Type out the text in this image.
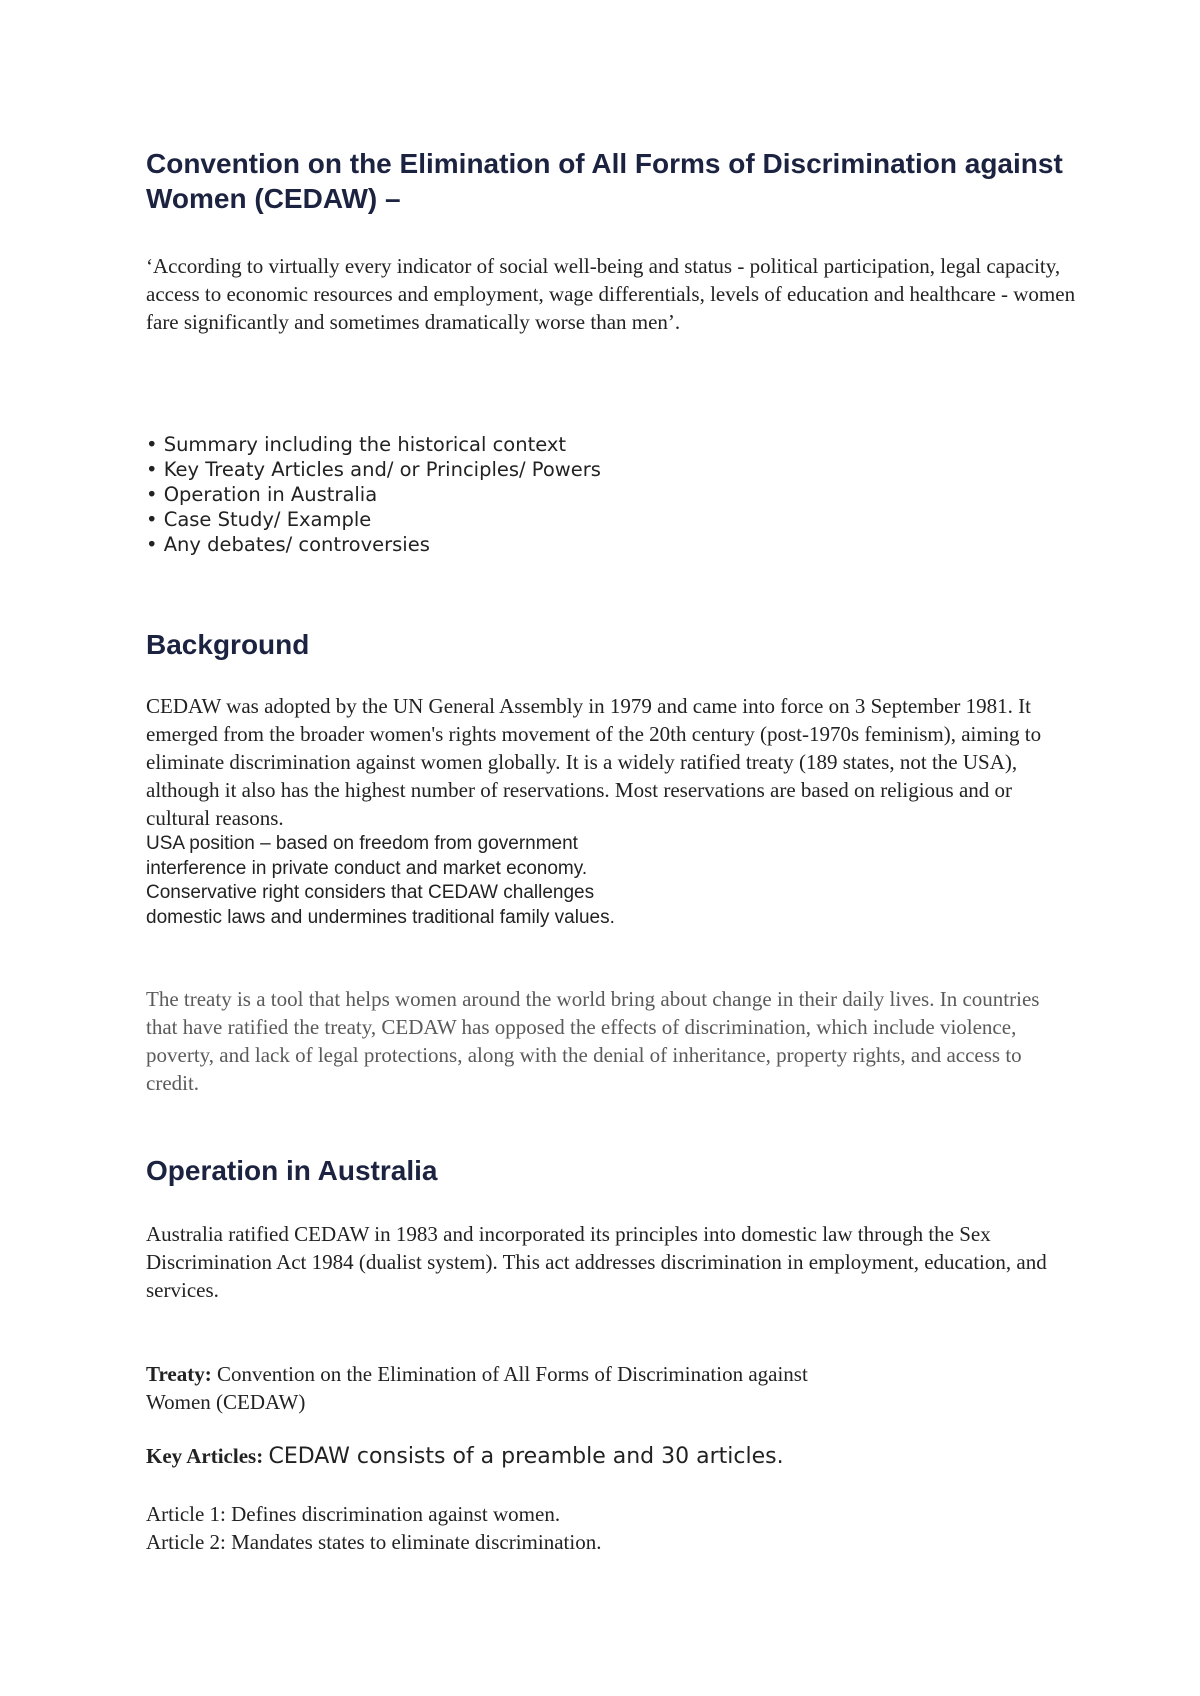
Convention on the Elimination of All Forms of Discrimination against Women (CEDAW) –

‘According to virtually every indicator of social well-being and status - political participation, legal capacity, access to economic resources and employment, wage differentials, levels of education and healthcare - women fare significantly and sometimes dramatically worse than men’.

• Summary including the historical context
• Key Treaty Articles and/ or Principles/ Powers
• Operation in Australia
• Case Study/ Example
• Any debates/ controversies
Background

CEDAW was adopted by the UN General Assembly in 1979 and came into force on 3 September 1981. It emerged from the broader women's rights movement of the 20th century (post-1970s feminism), aiming to eliminate discrimination against women globally. It is a widely ratified treaty (189 states, not the USA), although it also has the highest number of reservations. Most reservations are based on religious and or cultural reasons.

USA position – based on freedom from government
interference in private conduct and market economy.
Conservative right considers that CEDAW challenges
domestic laws and undermines traditional family values.

The treaty is a tool that helps women around the world bring about change in their daily lives. In countries that have ratified the treaty, CEDAW has opposed the effects of discrimination, which include violence, poverty, and lack of legal protections, along with the denial of inheritance, property rights, and access to credit.

Operation in Australia

Australia ratified CEDAW in 1983 and incorporated its principles into domestic law through the Sex Discrimination Act 1984 (dualist system). This act addresses discrimination in employment, education, and services.

Treaty: Convention on the Elimination of All Forms of Discrimination against
Women (CEDAW)
Key Articles: CEDAW consists of a preamble and 30 articles.
Article 1: Defines discrimination against women.
Article 2: Mandates states to eliminate discrimination.
